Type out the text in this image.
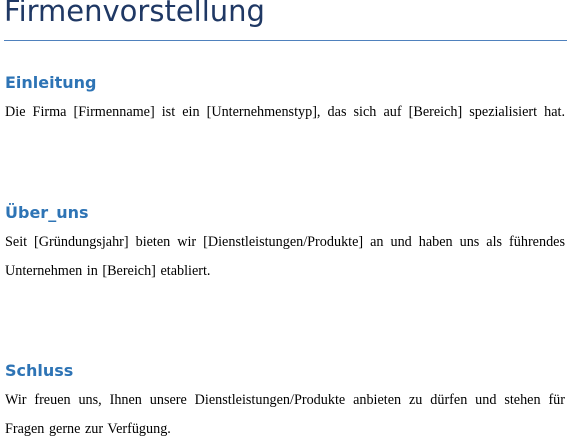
Firmenvorstellung
Einleitung
Die Firma [Firmenname] ist ein [Unternehmenstyp], das sich auf [Bereich] spezialisiert hat.
Über_uns
Seit [Gründungsjahr] bieten wir [Dienstleistungen/Produkte] an und haben uns als führendes
Unternehmen in [Bereich] etabliert.
Schluss
Wir freuen uns, Ihnen unsere Dienstleistungen/Produkte anbieten zu dürfen und stehen für
Fragen gerne zur Verfügung.
